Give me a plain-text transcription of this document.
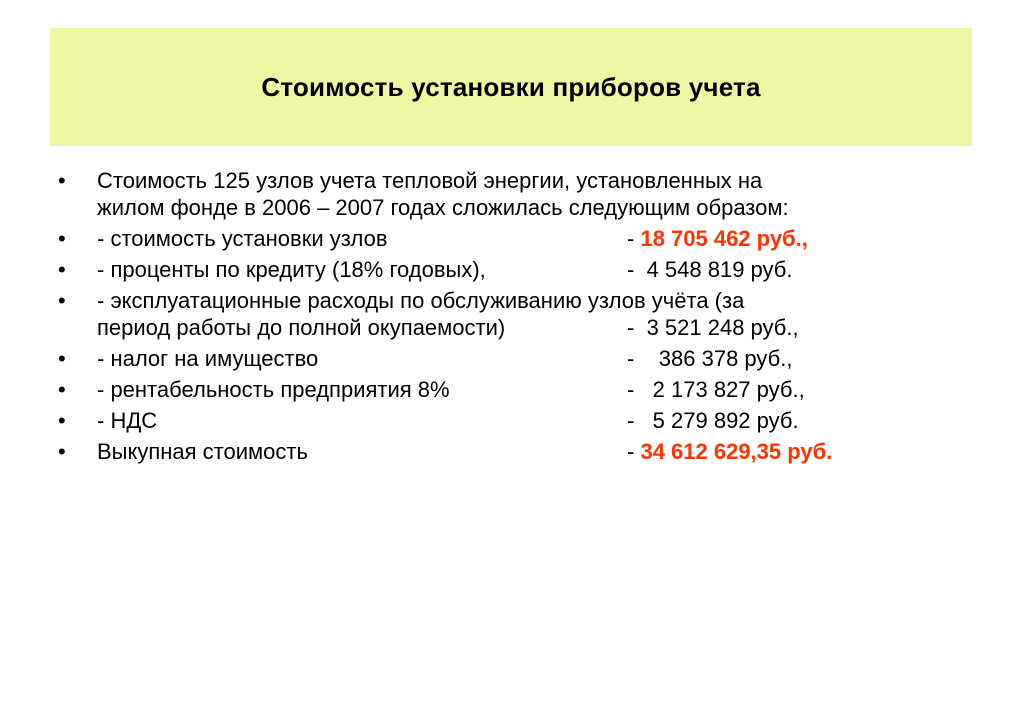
Стоимость установки приборов учета
•	Стоимость 125 узлов учета тепловой энергии, установленных на
жилом фонде в 2006 – 2007 годах сложилась следующим образом:
•	- стоимость установки узлов	- 18 705 462 руб.,
•	- проценты по кредиту (18% годовых),	-  4 548 819 руб.
•	- эксплуатационные расходы по обслуживанию узлов учёта (за
период работы до полной окупаемости)	-  3 521 248 руб.,
•	- налог на имущество	-    386 378 руб.,
•	- рентабельность предприятия 8%	-   2 173 827 руб.,
•	- НДС	-   5 279 892 руб.
•	Выкупная стоимость	- 34 612 629,35 руб.
